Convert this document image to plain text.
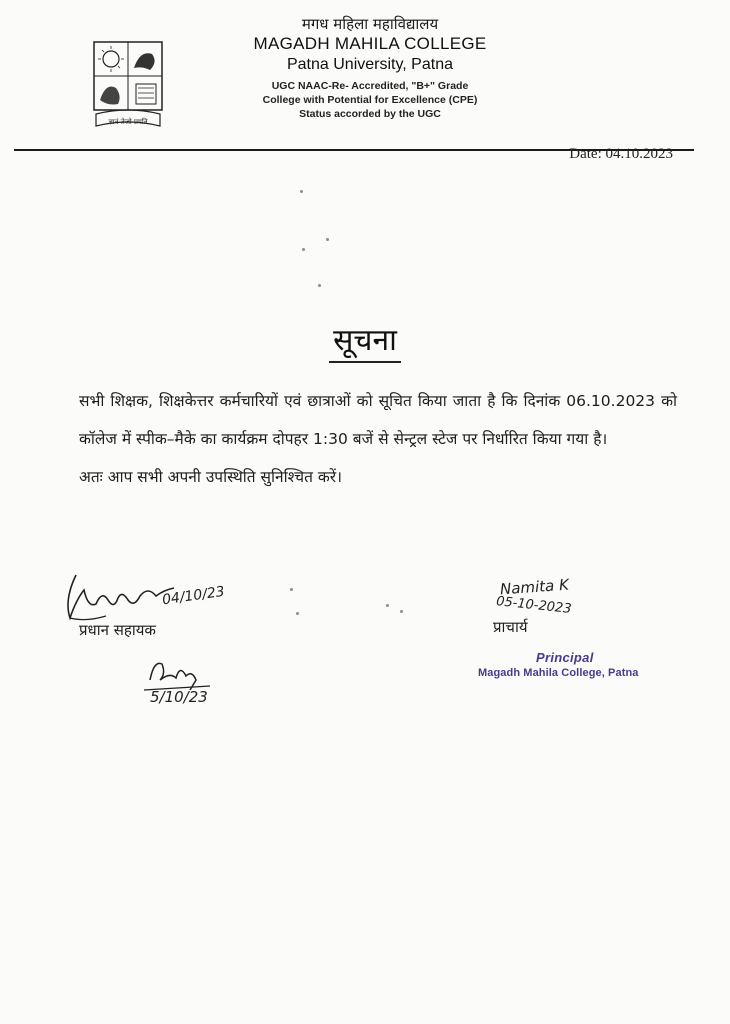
ज्ञानं तेजो प्रगति
मगध महिला महाविद्यालय
MAGADH MAHILA COLLEGE
Patna University, Patna
UGC NAAC-Re- Accredited, "B+" Grade
College with Potential for Excellence (CPE)
Status accorded by the UGC
Date: 04.10.2023
सूचना
सभी शिक्षक, शिक्षकेत्तर कर्मचारियों एवं छात्राओं को सूचित किया जाता है कि दिनांक 06.10.2023 को कॉलेज में स्पीक–मैके का कार्यक्रम दोपहर 1:30 बजें से सेन्ट्रल स्टेज पर निर्धारित किया गया है।
अतः आप सभी अपनी उपस्थिति सुनिश्चित करें।
04/10/23
प्रधान सहायक
5/10/23
Namita K
05-10-2023
प्राचार्य
Principal
Magadh Mahila College, Patna
